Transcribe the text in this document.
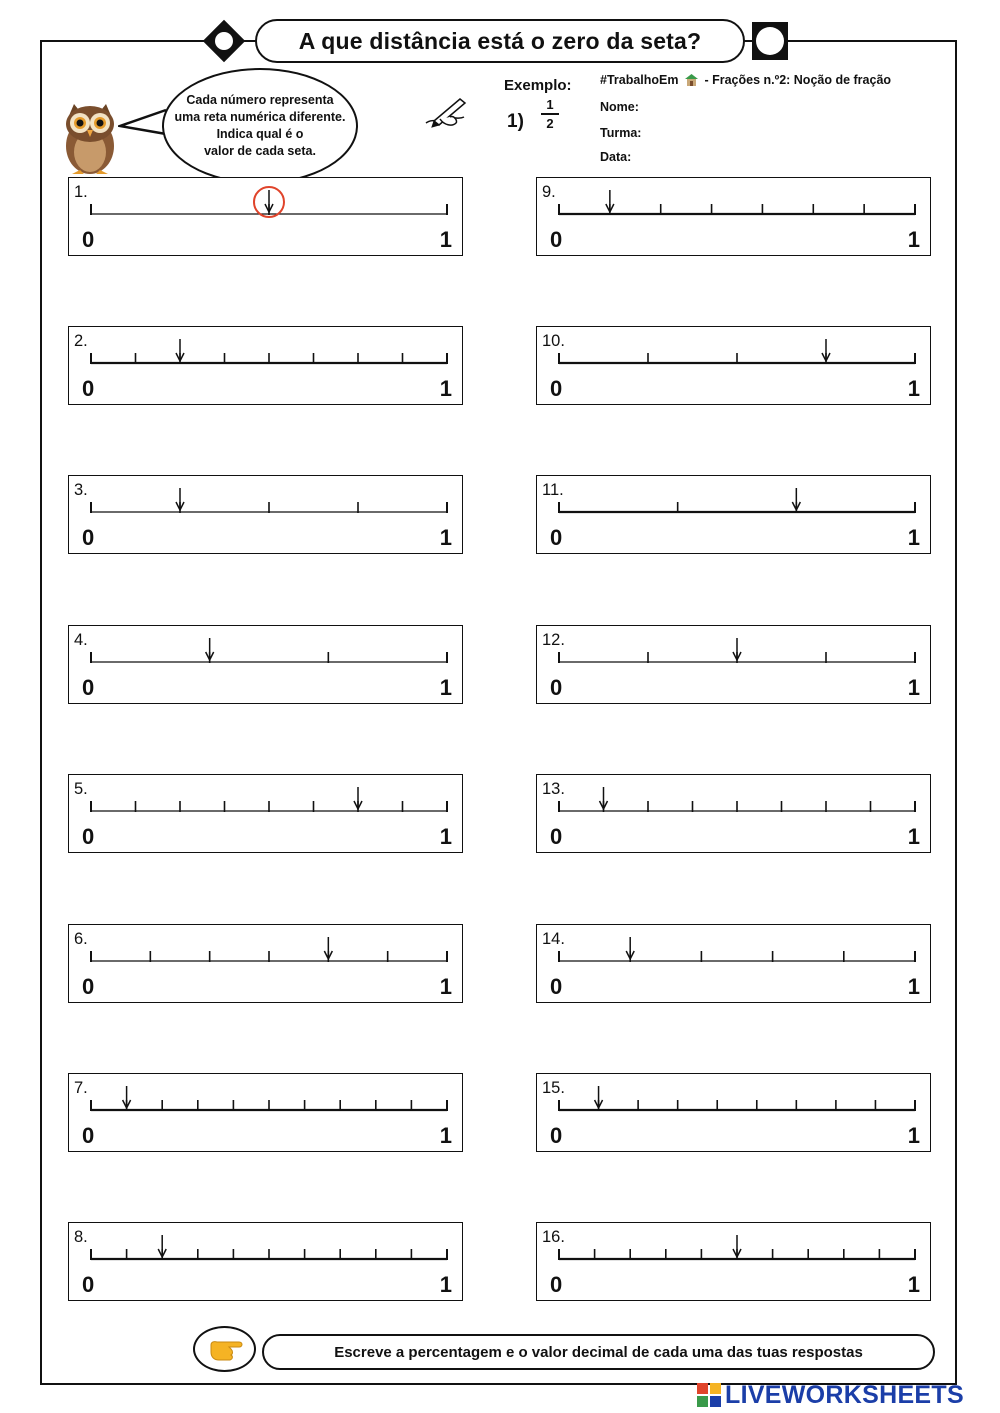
A que distância está o zero da seta?
Cada número representa
uma reta numérica diferente.
Indica qual é o
valor de cada seta.
Exemplo:
1)
1
2
#TrabalhoEm - Frações n.º2: Noção de fração
Nome:
Turma:
Data:
1.
0	1
2.
0	1
3.
0	1
4.
0	1
5.
0	1
6.
0	1
7.
0	1
8.
0	1
9.
0	1
10.
0	1
11.
0	1
12.
0	1
13.
0	1
14.
0	1
15.
0	1
16.
0	1
Escreve a percentagem e o valor decimal de cada uma das tuas respostas
LIVEWORKSHEETS
